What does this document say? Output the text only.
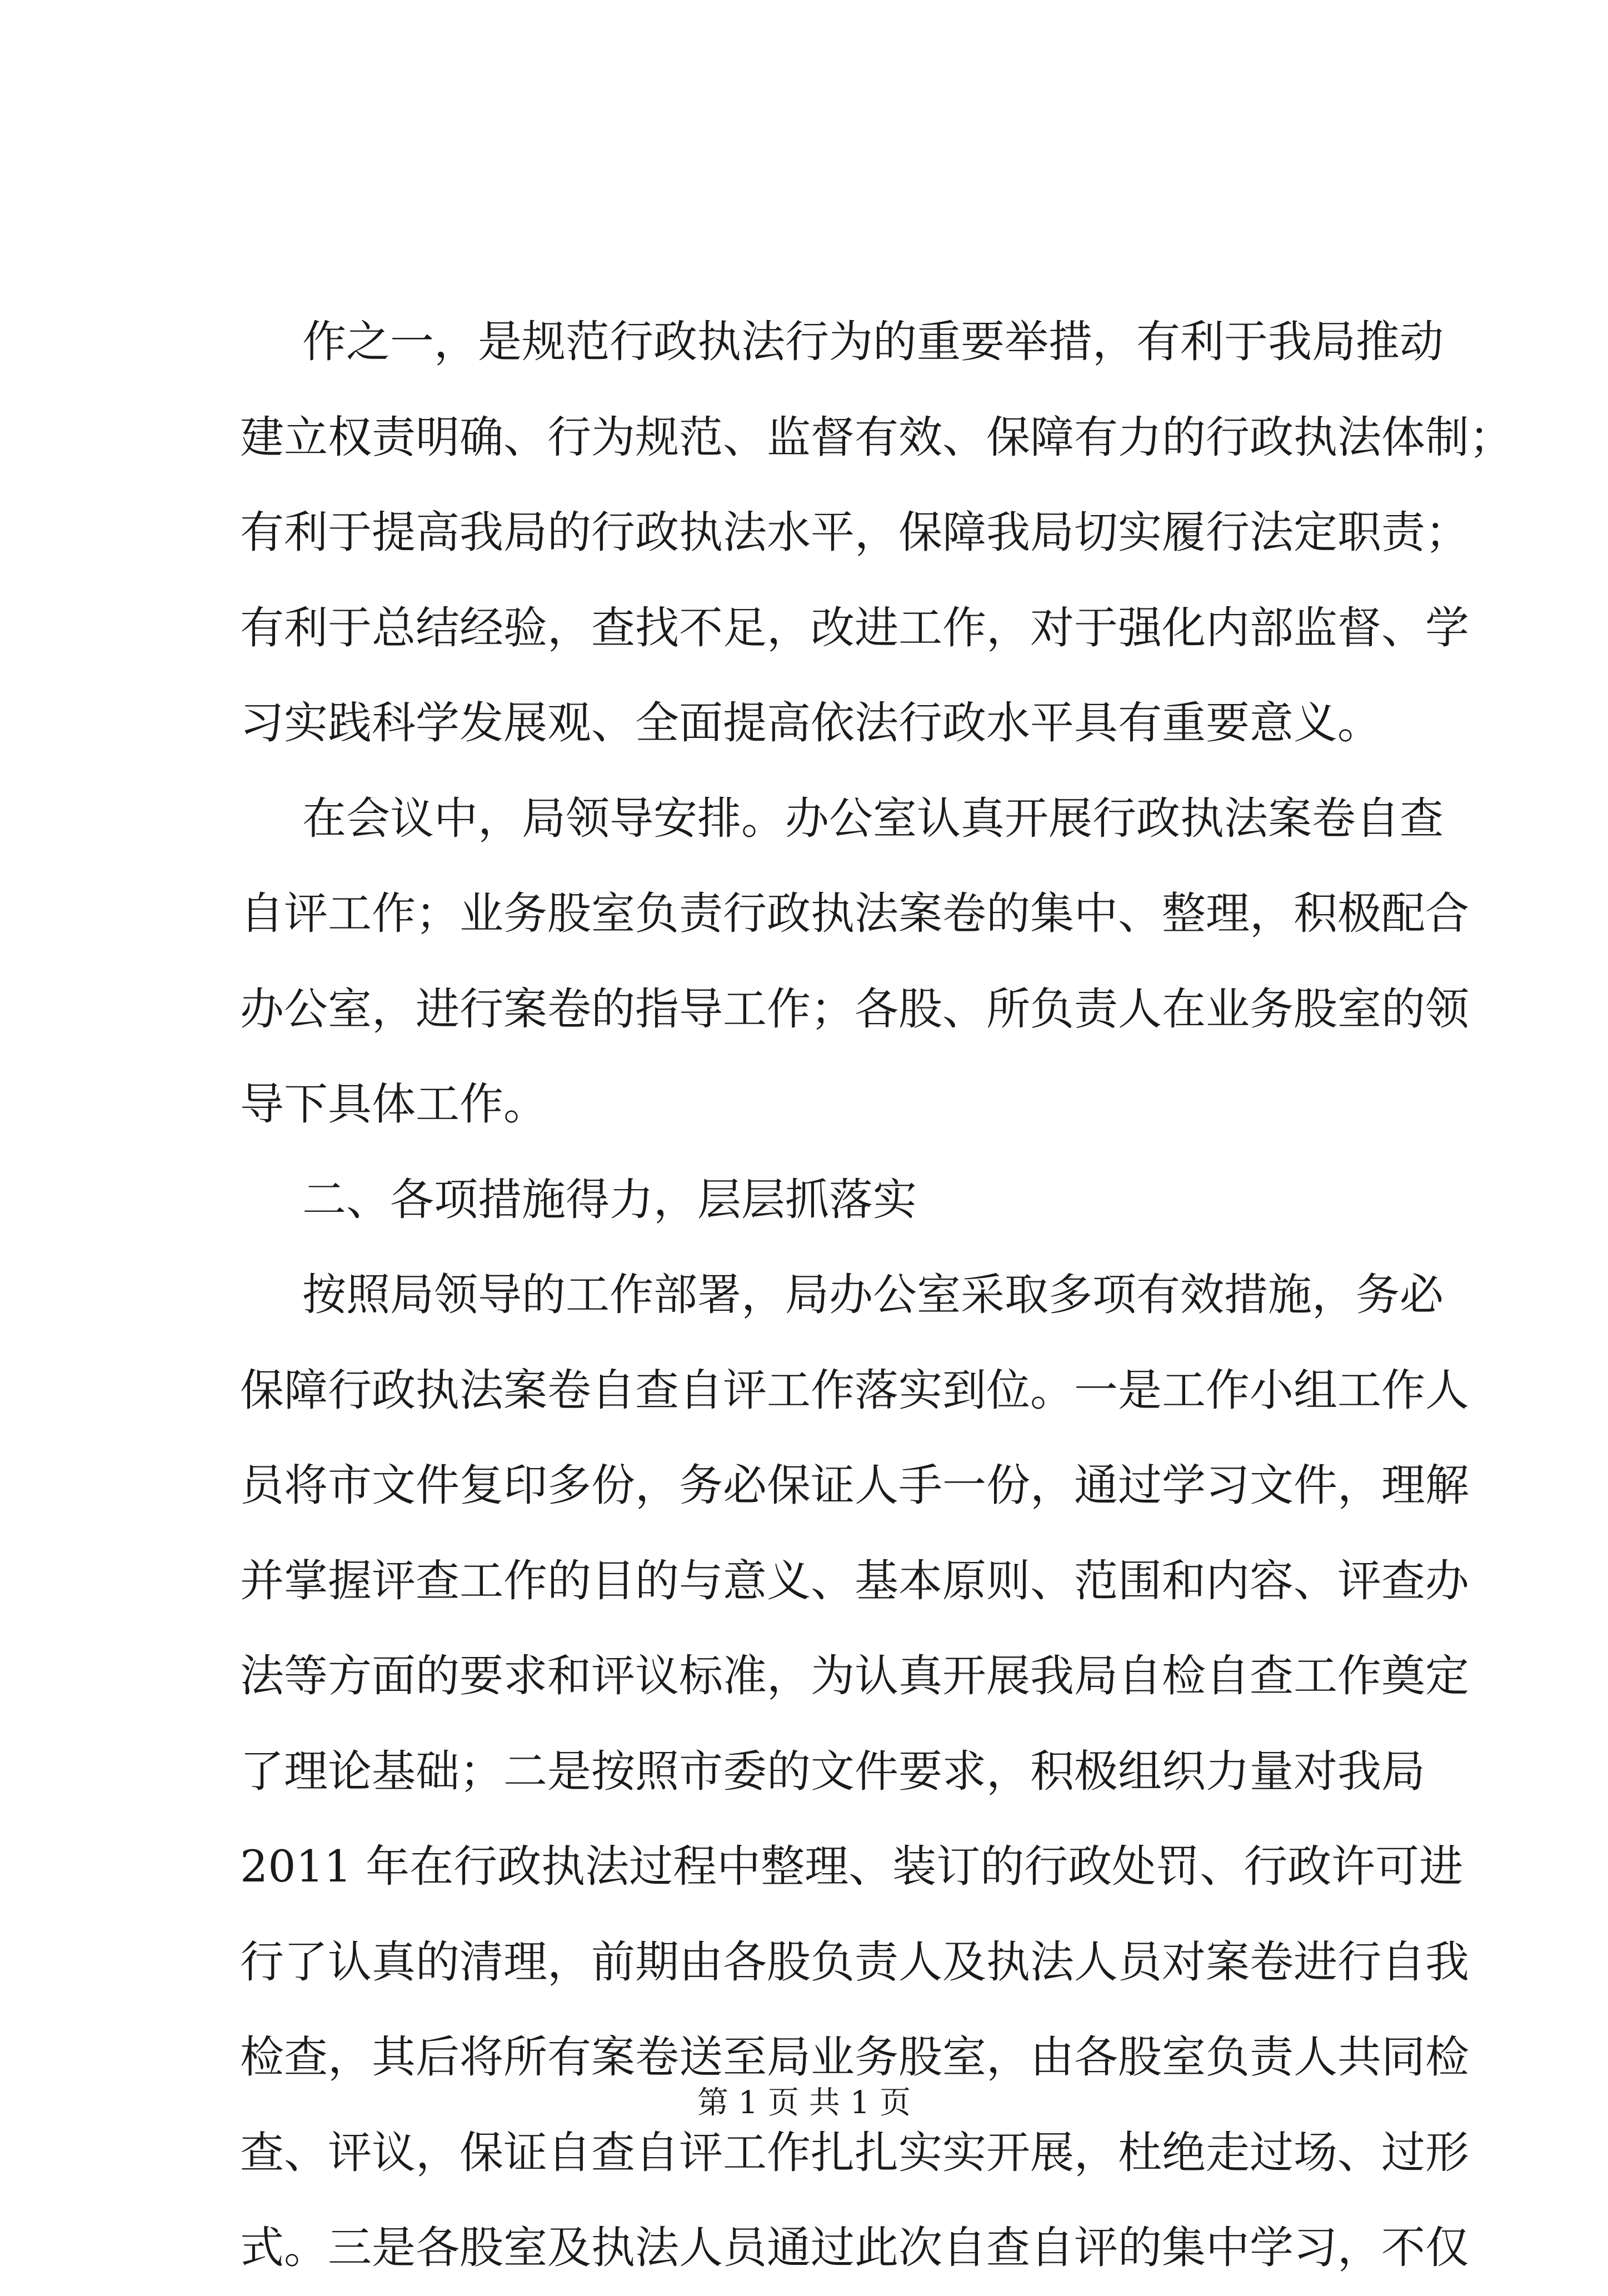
作之一，是规范行政执法行为的重要举措，有利于我局推动
建立权责明确、行为规范、监督有效、保障有力的行政执法体制；
有利于提高我局的行政执法水平，保障我局切实履行法定职责；
有利于总结经验，查找不足，改进工作，对于强化内部监督、学
习实践科学发展观、全面提高依法行政水平具有重要意义。
在会议中，局领导安排。办公室认真开展行政执法案卷自查
自评工作；业务股室负责行政执法案卷的集中、整理，积极配合
办公室，进行案卷的指导工作；各股、所负责人在业务股室的领
导下具体工作。
二、各项措施得力，层层抓落实
按照局领导的工作部署，局办公室采取多项有效措施，务必
保障行政执法案卷自查自评工作落实到位。一是工作小组工作人
员将市文件复印多份，务必保证人手一份，通过学习文件，理解
并掌握评查工作的目的与意义、基本原则、范围和内容、评查办
法等方面的要求和评议标准，为认真开展我局自检自查工作奠定
了理论基础；二是按照市委的文件要求，积极组织力量对我局
2011 年在行政执法过程中整理、装订的行政处罚、行政许可进
行了认真的清理，前期由各股负责人及执法人员对案卷进行自我
检查，其后将所有案卷送至局业务股室，由各股室负责人共同检
查、评议，保证自查自评工作扎扎实实开展，杜绝走过场、过形
式。三是各股室及执法人员通过此次自查自评的集中学习，不仅
第 1 页 共 1 页
